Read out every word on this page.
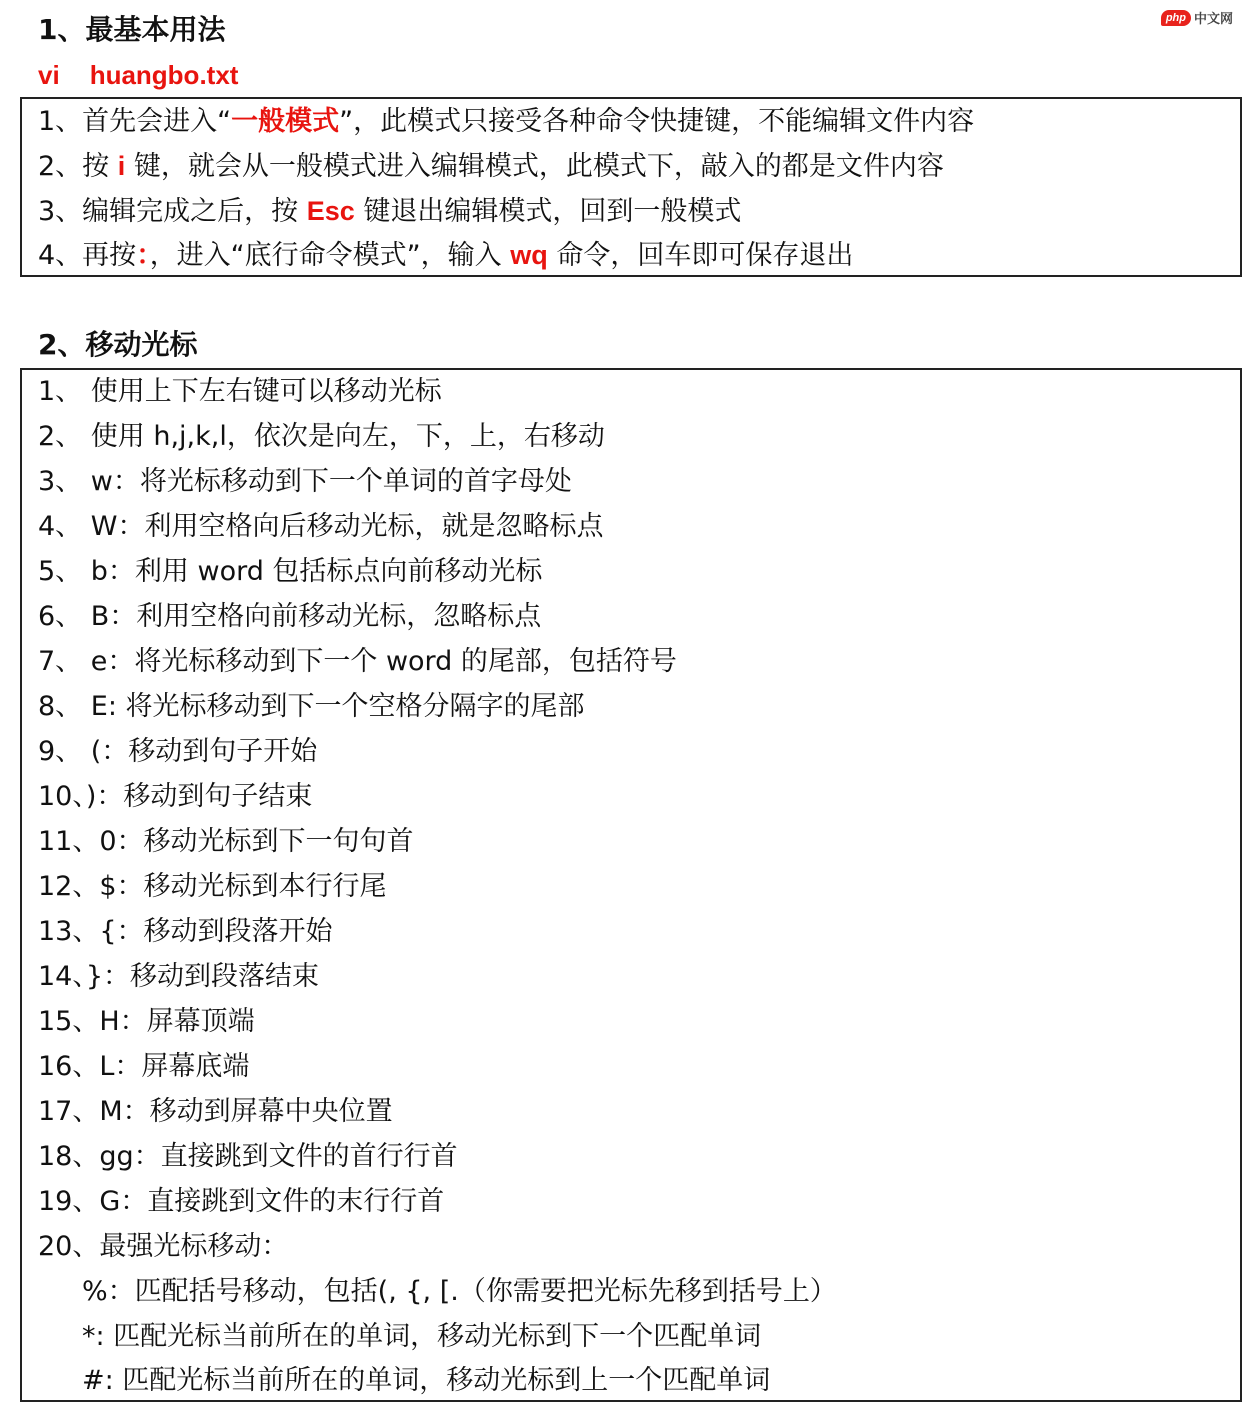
php 中文网
1、最基本用法
vi huangbo.txt
1、首先会进入“一般模式”，此模式只接受各种命令快捷键，不能编辑文件内容
2、按 i 键，就会从一般模式进入编辑模式，此模式下，敲入的都是文件内容
3、编辑完成之后，按 Esc 键退出编辑模式，回到一般模式
4、再按：，进入“底行命令模式”，输入 wq 命令，回车即可保存退出
2、移动光标
1、 使用上下左右键可以移动光标
2、 使用 h,j,k,l，依次是向左，下，上，右移动
3、 w：将光标移动到下一个单词的首字母处
4、 W：利用空格向后移动光标，就是忽略标点
5、 b：利用 word 包括标点向前移动光标
6、 B：利用空格向前移动光标，忽略标点
7、 e：将光标移动到下一个 word 的尾部，包括符号
8、 E: 将光标移动到下一个空格分隔字的尾部
9、 (：移动到句子开始
10、)：移动到句子结束
11、0：移动光标到下一句句首
12、$：移动光标到本行行尾
13、{：移动到段落开始
14、}：移动到段落结束
15、H：屏幕顶端
16、L：屏幕底端
17、M：移动到屏幕中央位置
18、gg：直接跳到文件的首行行首
19、G：直接跳到文件的末行行首
20、最强光标移动：
%：匹配括号移动，包括(, {, [.（你需要把光标先移到括号上）
*: 匹配光标当前所在的单词，移动光标到下一个匹配单词
#: 匹配光标当前所在的单词，移动光标到上一个匹配单词
